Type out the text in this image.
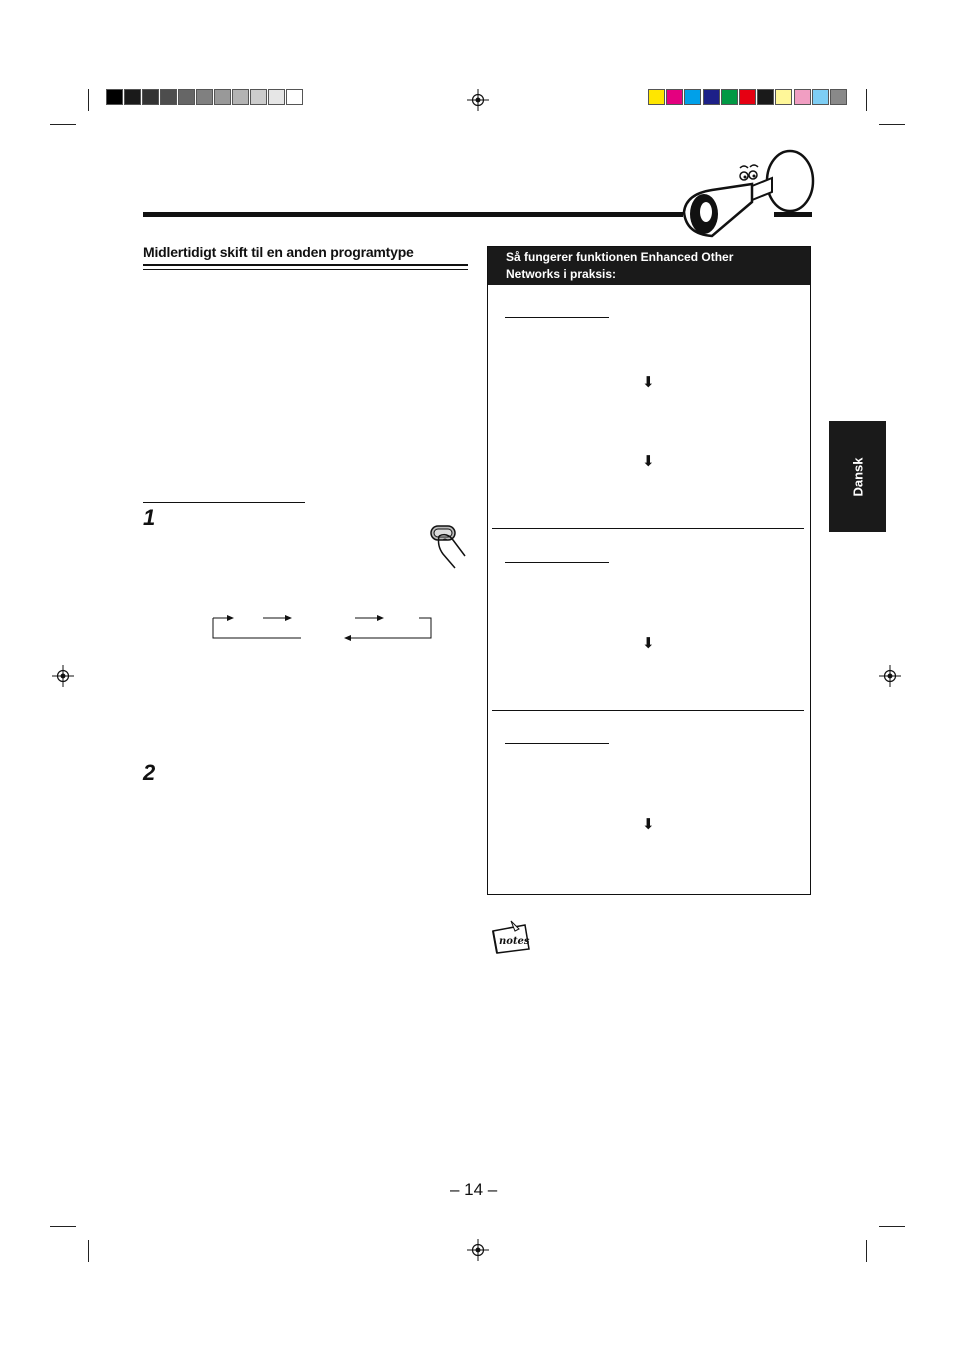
Midlertidigt skift til en anden programtype
1
2
Så fungerer funktionen Enhanced Other
Networks i praksis:
⬇
⬇
⬇
⬇
notes
Dansk
– 14 –
